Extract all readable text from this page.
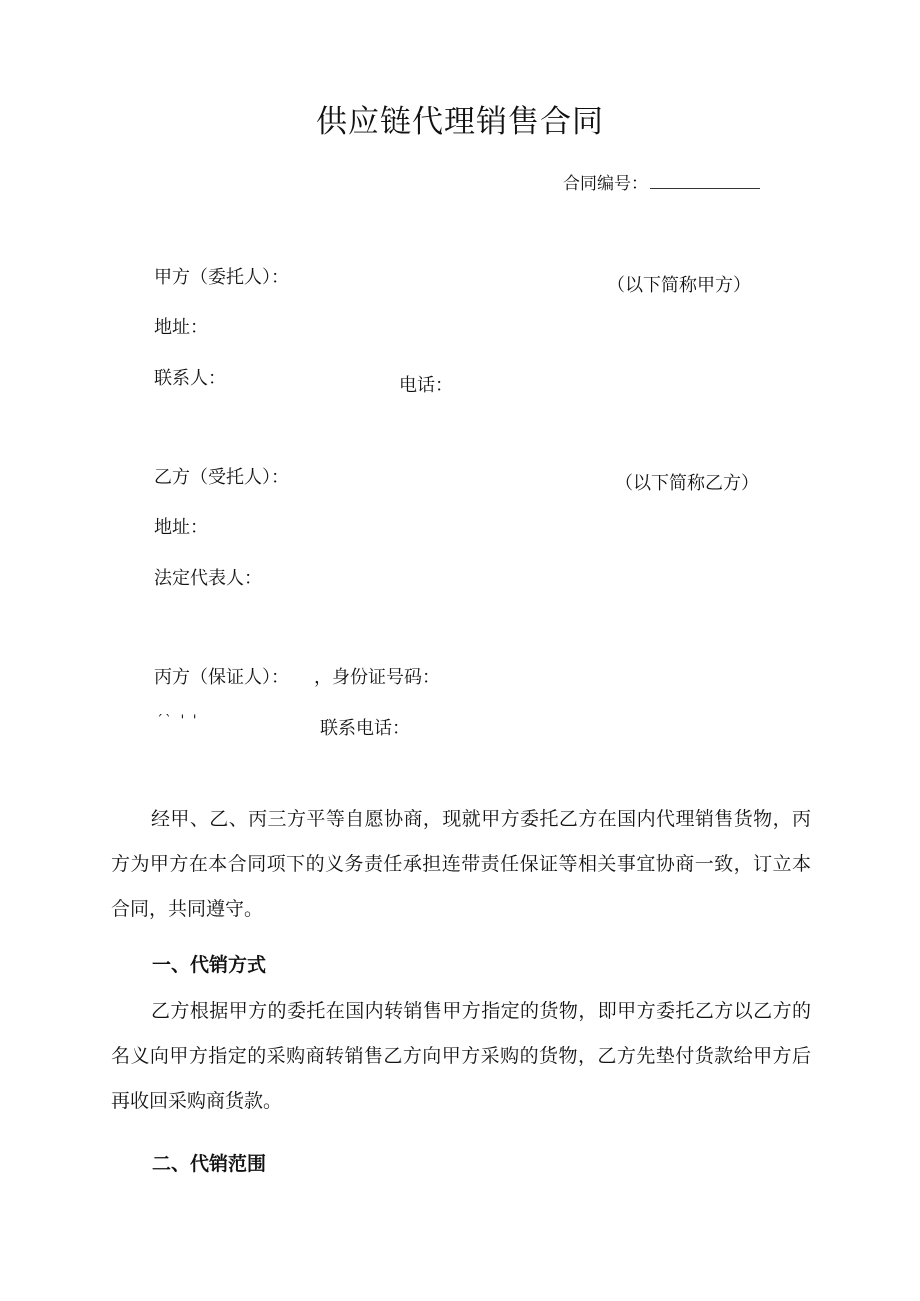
供应链代理销售合同
合同编号：
甲方（委托人）：	（以下简称甲方）
地址：
联系人：	电话：
乙方（受托人）：	（以下简称乙方）
地址：
法定代表人：
丙方（保证人）： ，身份证号码：
´` ' '	联系电话：

经甲、乙、丙三方平等自愿协商，现就甲方委托乙方在国内代理销售货物，丙方为甲方在本合同项下的义务责任承担连带责任保证等相关事宜协商一致，订立本合同，共同遵守。

一、代销方式

乙方根据甲方的委托在国内转销售甲方指定的货物，即甲方委托乙方以乙方的名义向甲方指定的采购商转销售乙方向甲方采购的货物，乙方先垫付货款给甲方后再收回采购商货款。

二、代销范围
